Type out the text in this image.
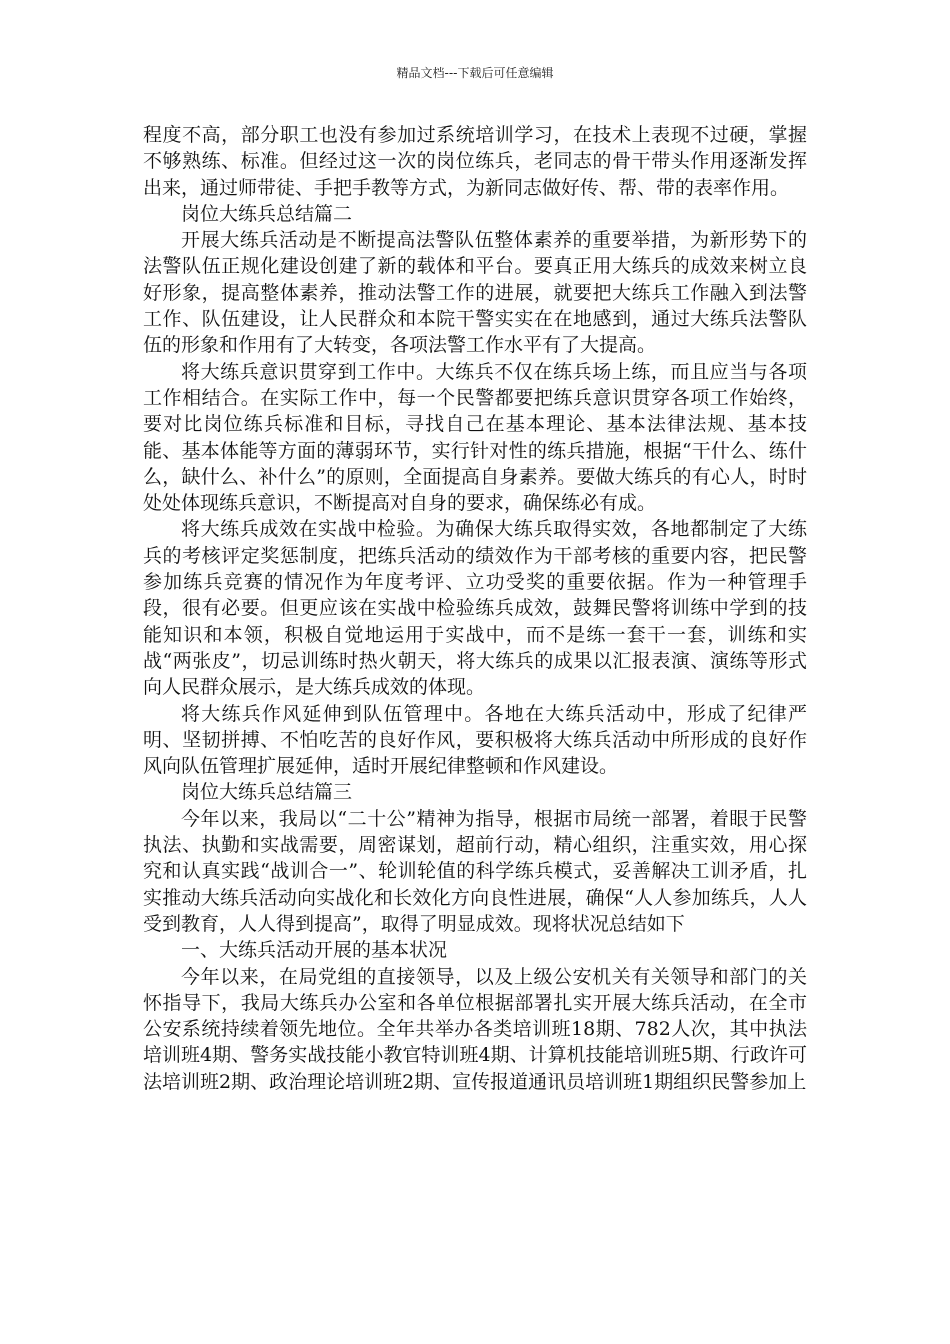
精品文档---下载后可任意编辑

程度不高，部分职工也没有参加过系统培训学习，在技术上表现不过硬，掌握不够熟练、标准。但经过这一次的岗位练兵，老同志的骨干带头作用逐渐发挥出来，通过师带徒、手把手教等方式，为新同志做好传、帮、带的表率作用。

岗位大练兵总结篇二

开展大练兵活动是不断提高法警队伍整体素养的重要举措，为新形势下的法警队伍正规化建设创建了新的载体和平台。要真正用大练兵的成效来树立良好形象，提高整体素养，推动法警工作的进展，就要把大练兵工作融入到法警工作、队伍建设，让人民群众和本院干警实实在在地感到，通过大练兵法警队伍的形象和作用有了大转变，各项法警工作水平有了大提高。

将大练兵意识贯穿到工作中。大练兵不仅在练兵场上练，而且应当与各项工作相结合。在实际工作中，每一个民警都要把练兵意识贯穿各项工作始终，要对比岗位练兵标准和目标，寻找自己在基本理论、基本法律法规、基本技能、基本体能等方面的薄弱环节，实行针对性的练兵措施，根据“干什么、练什么，缺什么、补什么”的原则，全面提高自身素养。要做大练兵的有心人，时时处处体现练兵意识，不断提高对自身的要求，确保练必有成。

将大练兵成效在实战中检验。为确保大练兵取得实效，各地都制定了大练兵的考核评定奖惩制度，把练兵活动的绩效作为干部考核的重要内容，把民警参加练兵竞赛的情况作为年度考评、立功受奖的重要依据。作为一种管理手段，很有必要。但更应该在实战中检验练兵成效，鼓舞民警将训练中学到的技能知识和本领，积极自觉地运用于实战中，而不是练一套干一套，训练和实战“两张皮”，切忌训练时热火朝天，将大练兵的成果以汇报表演、演练等形式向人民群众展示，是大练兵成效的体现。

将大练兵作风延伸到队伍管理中。各地在大练兵活动中，形成了纪律严明、坚韧拼搏、不怕吃苦的良好作风，要积极将大练兵活动中所形成的良好作风向队伍管理扩展延伸，适时开展纪律整顿和作风建设。

岗位大练兵总结篇三

今年以来，我局以“二十公”精神为指导，根据市局统一部署，着眼于民警执法、执勤和实战需要，周密谋划，超前行动，精心组织，注重实效，用心探究和认真实践“战训合一”、轮训轮值的科学练兵模式，妥善解决工训矛盾，扎实推动大练兵活动向实战化和长效化方向良性进展，确保“人人参加练兵，人人受到教育，人人得到提高”，取得了明显成效。现将状况总结如下

一、大练兵活动开展的基本状况

今年以来，在局党组的直接领导，以及上级公安机关有关领导和部门的关怀指导下，我局大练兵办公室和各单位根据部署扎实开展大练兵活动，在全市公安系统持续着领先地位。全年共举办各类培训班18期、782人次，其中执法培训班4期、警务实战技能小教官特训班4期、计算机技能培训班5期、行政许可法培训班2期、政治理论培训班2期、宣传报道通讯员培训班1期组织民警参加上
